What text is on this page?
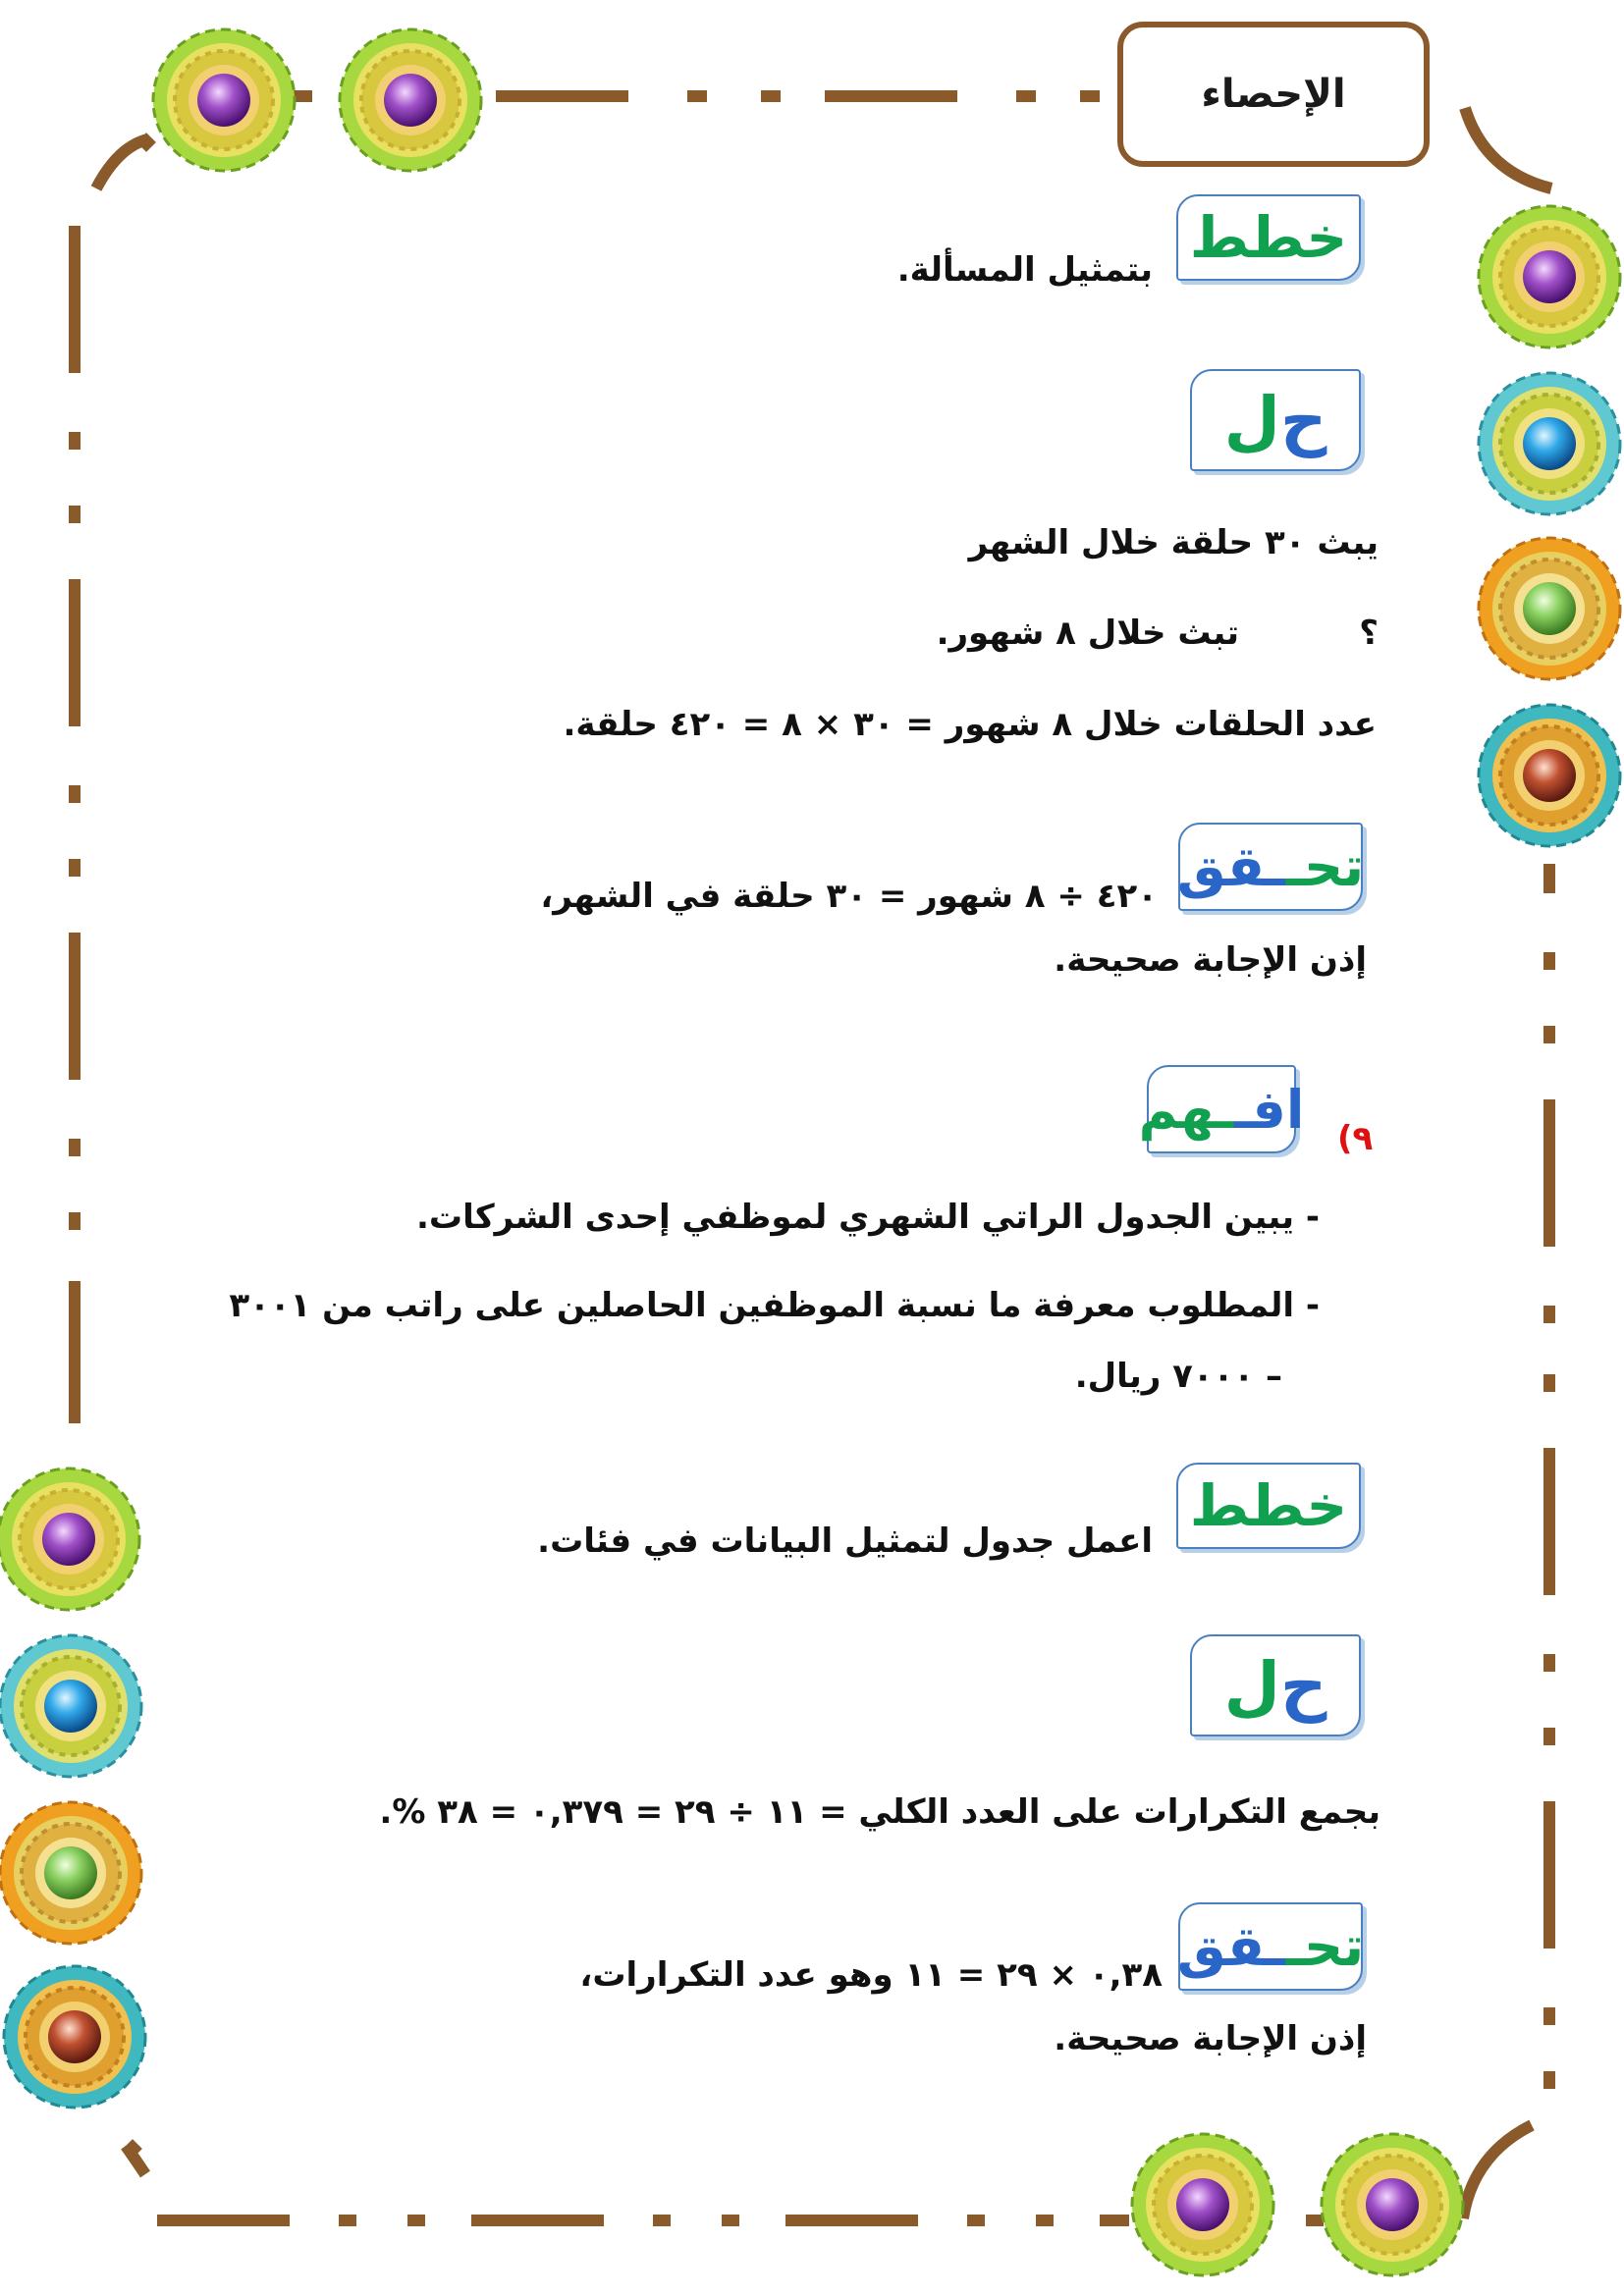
الإحصاء
خطط
بتمثيل المسألة.
ح
ل
يبث ٣٠ حلقة خلال الشهر
؟
تبث خلال ٨ شهور.
عدد الحلقات خلال ٨ شهور = ٣٠ × ٨ = ٤٢٠ حلقة.
تحـ
ـقق
٤٢٠ ÷ ٨ شهور = ٣٠ حلقة في الشهر،
إذن الإجابة صحيحة.
افـ
ـهم	٩)
- يبين الجدول الراتي الشهري لموظفي إحدى الشركات.
- المطلوب معرفة ما نسبة الموظفين الحاصلين على راتب من ٣٠٠١
– ٧٠٠٠ ريال.
خطط
اعمل جدول لتمثيل البيانات في فئات.
ح
ل
بجمع التكرارات على العدد الكلي = ١١ ÷ ٢٩ = ٠,٣٧٩ = ٣٨ %.
تحـ
ـقق
٠,٣٨ × ٢٩ = ١١ وهو عدد التكرارات،
إذن الإجابة صحيحة.
